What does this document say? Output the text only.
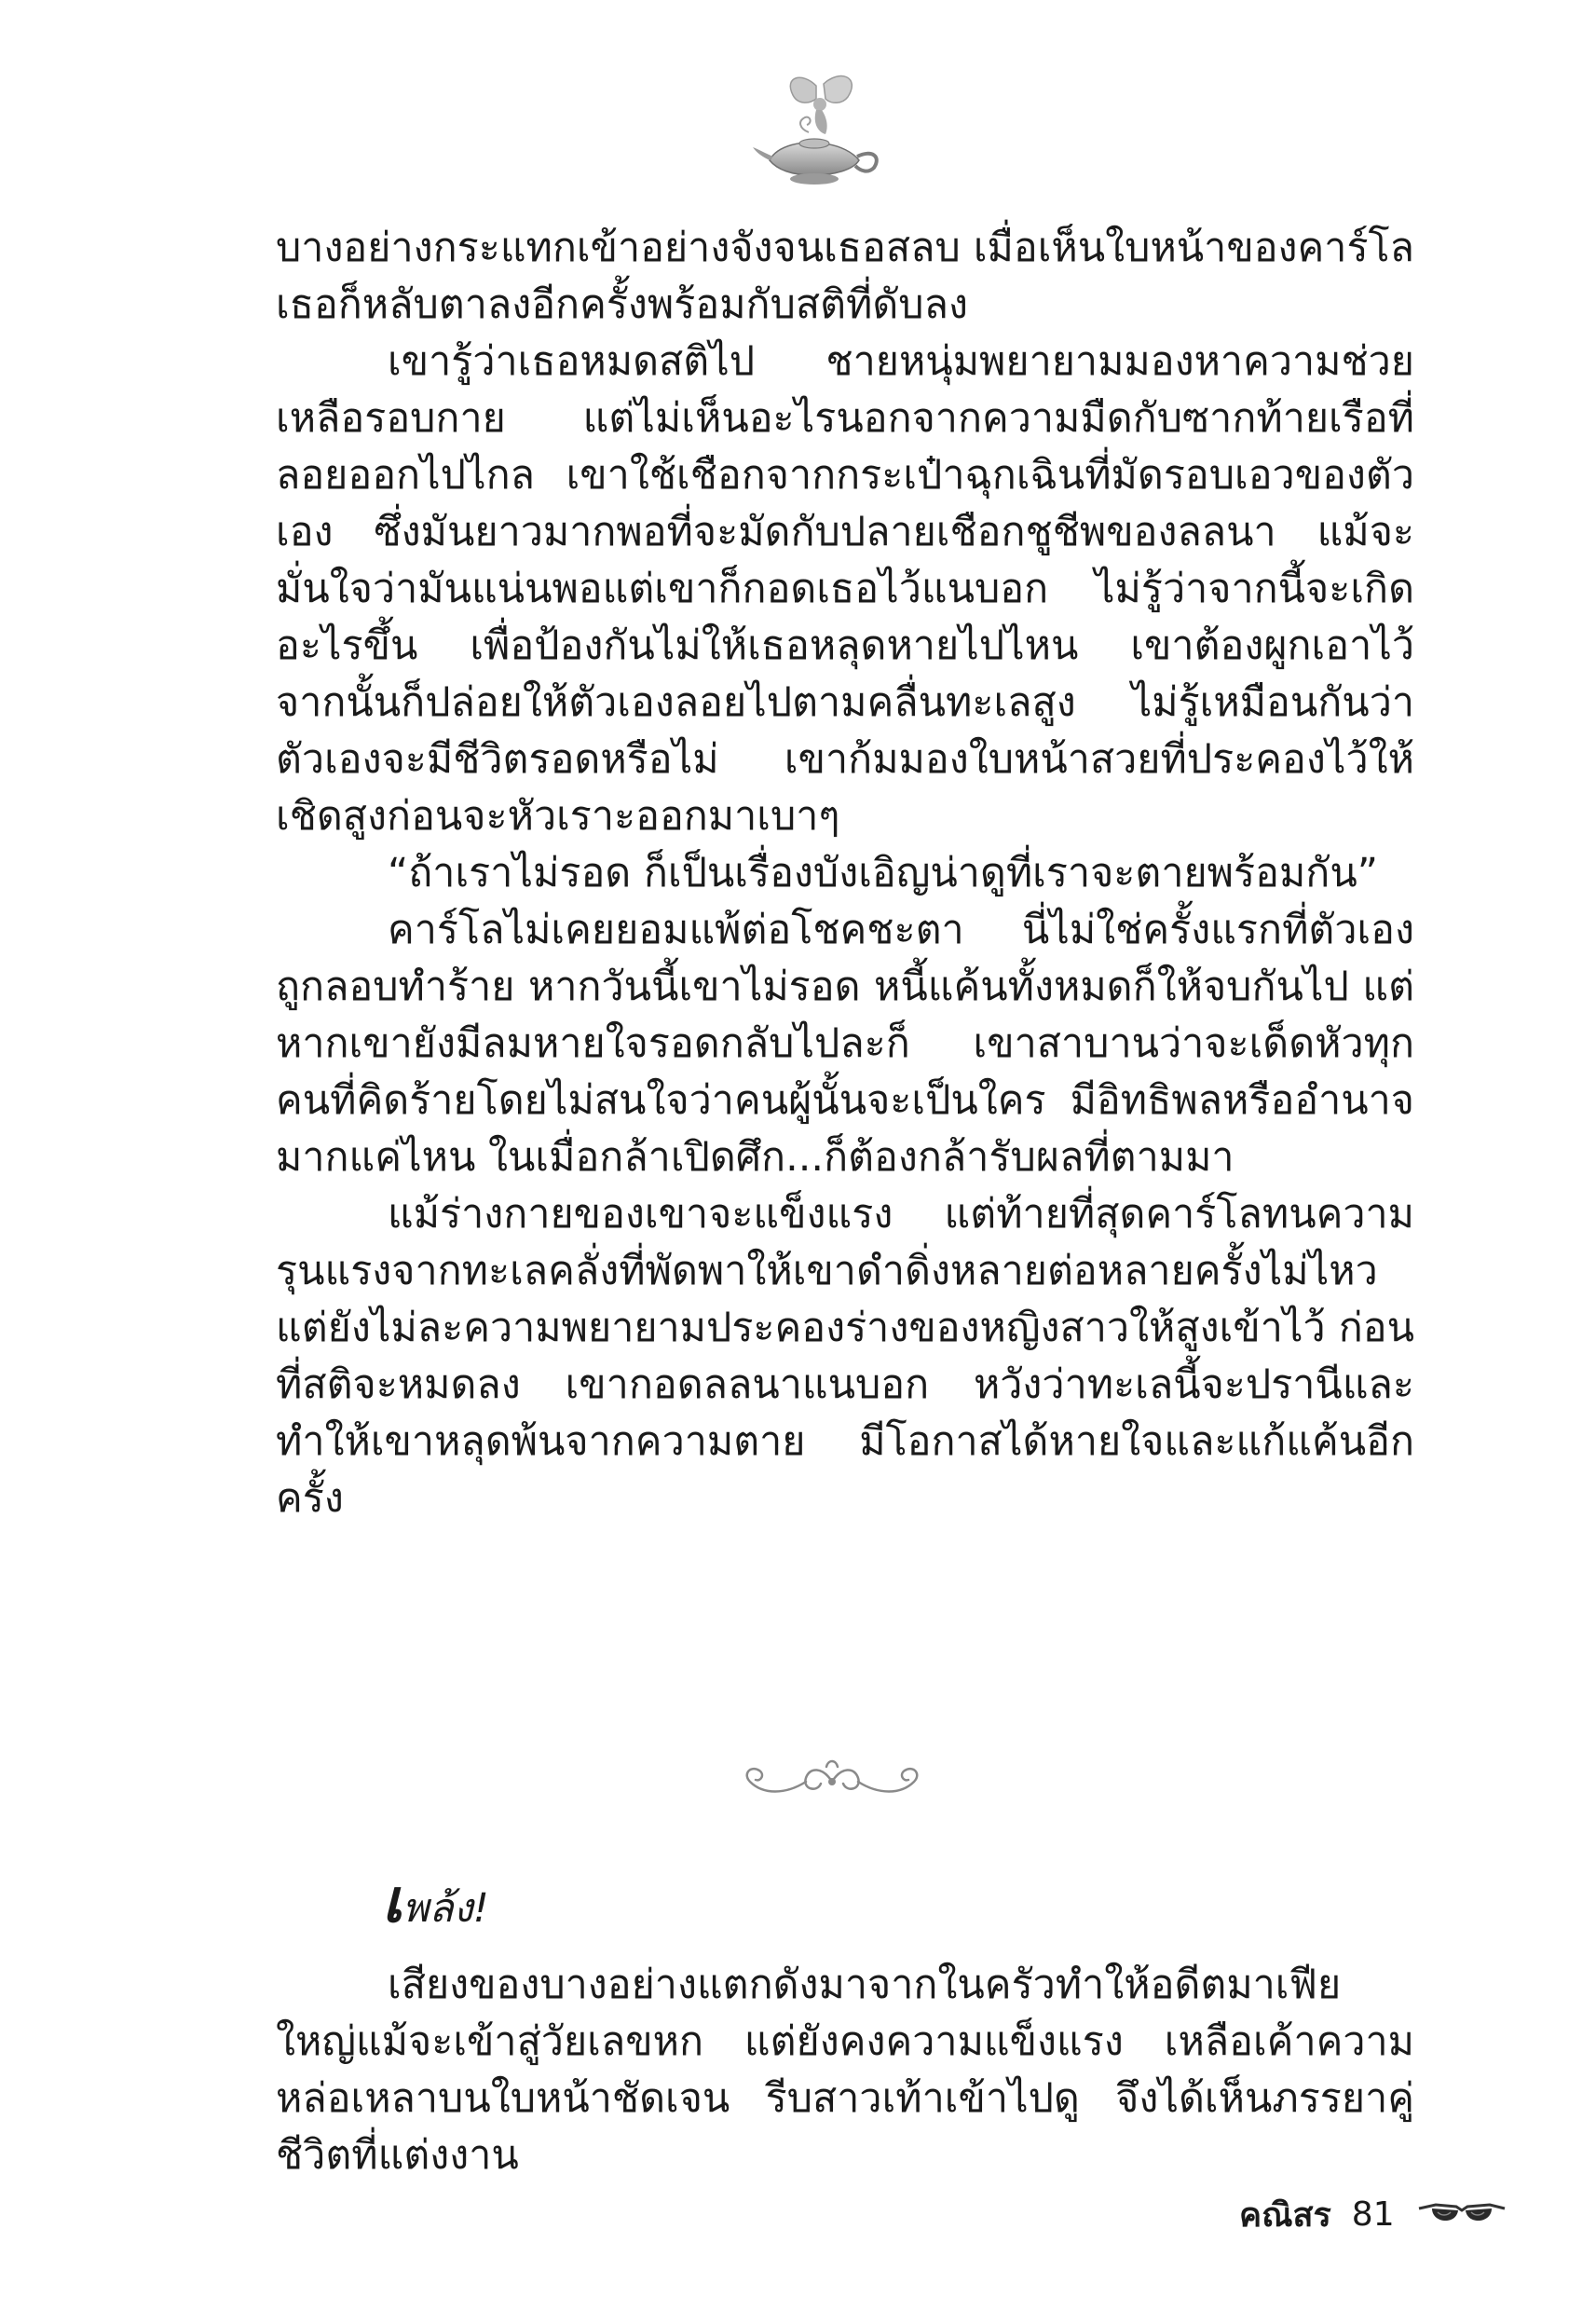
บางอย่างกระแทกเข้าอย่างจังจนเธอสลบ เมื่อเห็นใบหน้าของคาร์โลเธอก็หลับตาลงอีกครั้งพร้อมกับสติที่ดับลง

เขารู้ว่าเธอหมดสติไป ชายหนุ่มพยายามมองหาความช่วยเหลือรอบกาย แต่ไม่เห็นอะไรนอกจากความมืดกับซากท้ายเรือที่ลอยออกไปไกล เขาใช้เชือกจากกระเป๋าฉุกเฉินที่มัดรอบเอวของตัวเอง ซึ่งมันยาวมากพอที่จะมัดกับปลายเชือกชูชีพของลลนา แม้จะมั่นใจว่ามันแน่นพอแต่เขาก็กอดเธอไว้แนบอก ไม่รู้ว่าจากนี้จะเกิดอะไรขึ้น เพื่อป้องกันไม่ให้เธอหลุดหายไปไหน เขาต้องผูกเอาไว้ จากนั้นก็ปล่อยให้ตัวเองลอยไปตามคลื่นทะเลสูง ไม่รู้เหมือนกันว่าตัวเองจะมีชีวิตรอดหรือไม่ เขาก้มมองใบหน้าสวยที่ประคองไว้ให้เชิดสูงก่อนจะหัวเราะออกมาเบาๆ

“ถ้าเราไม่รอด ก็เป็นเรื่องบังเอิญน่าดูที่เราจะตายพร้อมกัน”

คาร์โลไม่เคยยอมแพ้ต่อโชคชะตา นี่ไม่ใช่ครั้งแรกที่ตัวเองถูกลอบทำร้าย หากวันนี้เขาไม่รอด หนี้แค้นทั้งหมดก็ให้จบกันไป แต่หากเขายังมีลมหายใจรอดกลับไปละก็ เขาสาบานว่าจะเด็ดหัวทุกคนที่คิดร้ายโดยไม่สนใจว่าคนผู้นั้นจะเป็นใคร มีอิทธิพลหรืออำนาจมากแค่ไหน ในเมื่อกล้าเปิดศึก...ก็ต้องกล้ารับผลที่ตามมา

แม้ร่างกายของเขาจะแข็งแรง แต่ท้ายที่สุดคาร์โลทนความรุนแรงจากทะเลคลั่งที่พัดพาให้เขาดำดิ่งหลายต่อหลายครั้งไม่ไหว แต่ยังไม่ละความพยายามประคองร่างของหญิงสาวให้สูงเข้าไว้ ก่อนที่สติจะหมดลง เขากอดลลนาแนบอก หวังว่าทะเลนี้จะปรานีและทำให้เขาหลุดพ้นจากความตาย มีโอกาสได้หายใจและแก้แค้นอีกครั้ง

เพล้ง!

เสียงของบางอย่างแตกดังมาจากในครัวทำให้อดีตมาเฟียใหญ่แม้จะเข้าสู่วัยเลขหก แต่ยังคงความแข็งแรง เหลือเค้าความหล่อเหลาบนใบหน้าชัดเจน รีบสาวเท้าเข้าไปดู จึงได้เห็นภรรยาคู่ชีวิตที่แต่งงาน

คณิสร 81
